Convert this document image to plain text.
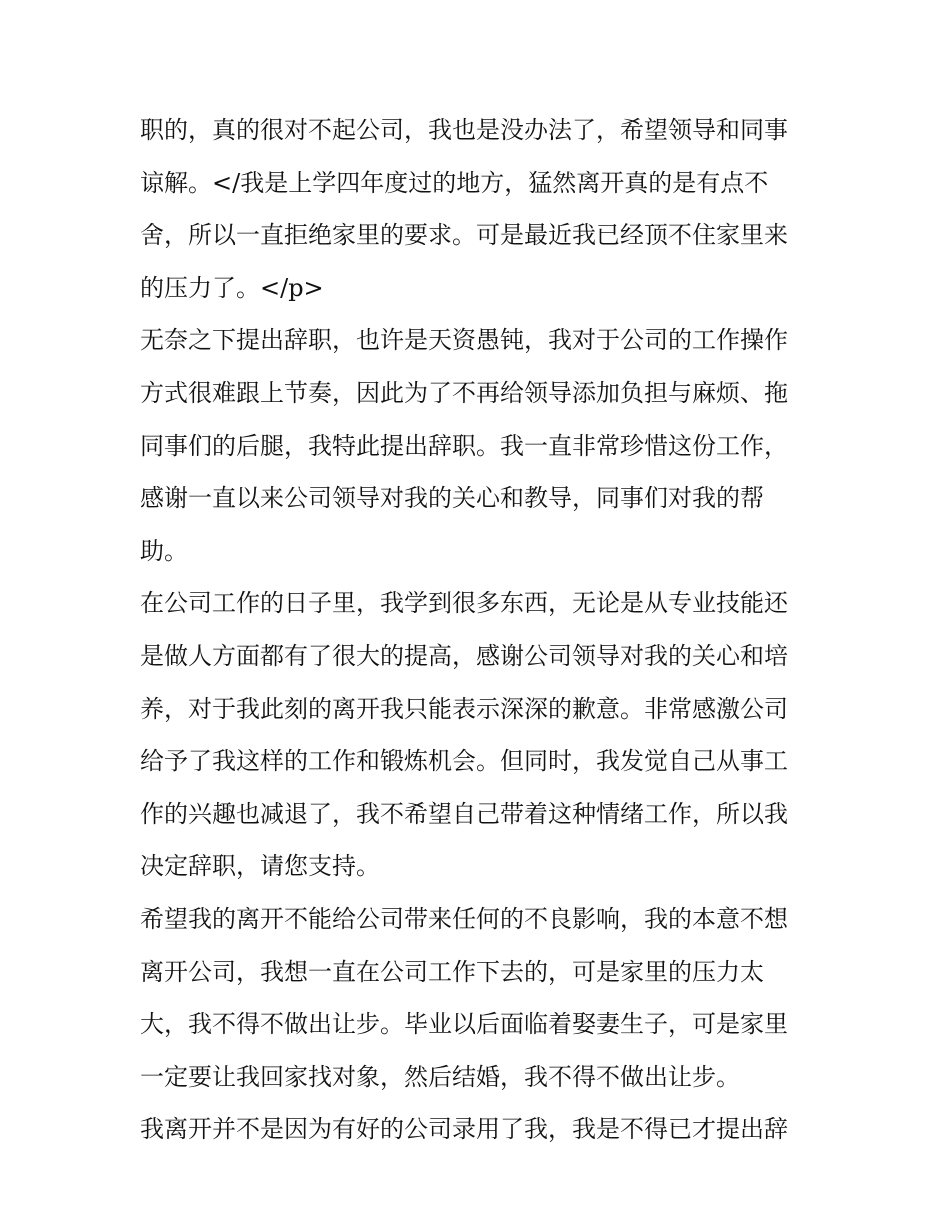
职的，真的很对不起公司，我也是没办法了，希望领导和同事
谅解。</我是上学四年度过的地方，猛然离开真的是有点不
舍，所以一直拒绝家里的要求。可是最近我已经顶不住家里来
的压力了。</p>
无奈之下提出辞职，也许是天资愚钝，我对于公司的工作操作
方式很难跟上节奏，因此为了不再给领导添加负担与麻烦、拖
同事们的后腿，我特此提出辞职。我一直非常珍惜这份工作，
感谢一直以来公司领导对我的关心和教导，同事们对我的帮
助。
在公司工作的日子里，我学到很多东西，无论是从专业技能还
是做人方面都有了很大的提高，感谢公司领导对我的关心和培
养，对于我此刻的离开我只能表示深深的歉意。非常感激公司
给予了我这样的工作和锻炼机会。但同时，我发觉自己从事工
作的兴趣也减退了，我不希望自己带着这种情绪工作，所以我
决定辞职，请您支持。
希望我的离开不能给公司带来任何的不良影响，我的本意不想
离开公司，我想一直在公司工作下去的，可是家里的压力太
大，我不得不做出让步。毕业以后面临着娶妻生子，可是家里
一定要让我回家找对象，然后结婚，我不得不做出让步。
我离开并不是因为有好的公司录用了我，我是不得已才提出辞
